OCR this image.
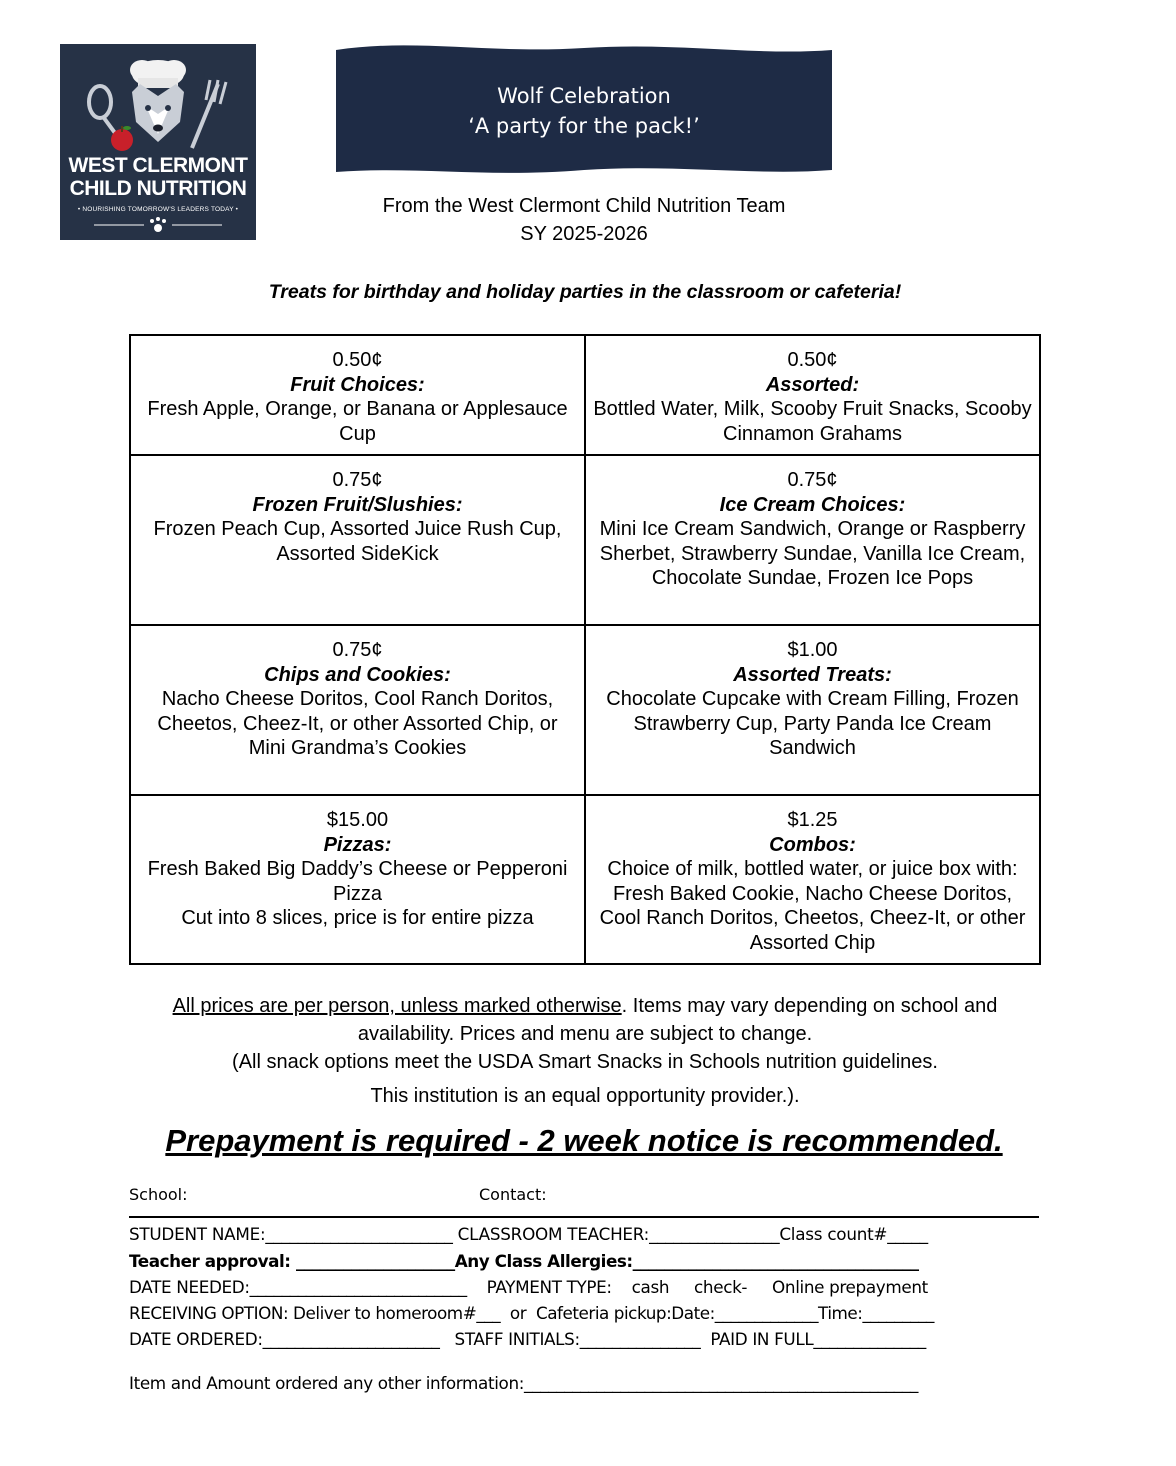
WEST CLERMONT
CHILD NUTRITION
• NOURISHING TOMORROW'S LEADERS TODAY •
Wolf Celebration
‘A party for the pack!’
From the West Clermont Child Nutrition Team
SY 2025-2026
Treats for birthday and holiday parties in the classroom or cafeteria!
0.50¢
Fruit Choices:
Fresh Apple, Orange, or Banana or Applesauce Cup	0.50¢
Assorted:
Bottled Water, Milk, Scooby Fruit Snacks, Scooby Cinnamon Grahams

0.75¢
Frozen Fruit/Slushies:
Frozen Peach Cup, Assorted Juice Rush Cup, Assorted SideKick	0.75¢
Ice Cream Choices:
Mini Ice Cream Sandwich, Orange or Raspberry Sherbet, Strawberry Sundae, Vanilla Ice Cream, Chocolate Sundae, Frozen Ice Pops

0.75¢
Chips and Cookies:
Nacho Cheese Doritos, Cool Ranch Doritos, Cheetos, Cheez-It, or other Assorted Chip, or Mini Grandma’s Cookies	$1.00
Assorted Treats:
Chocolate Cupcake with Cream Filling, Frozen Strawberry Cup, Party Panda Ice Cream Sandwich

$15.00
Pizzas:
Fresh Baked Big Daddy’s Cheese or Pepperoni Pizza
Cut into 8 slices, price is for entire pizza	$1.25
Combos:
Choice of milk, bottled water, or juice box with: Fresh Baked Cookie, Nacho Cheese Doritos, Cool Ranch Doritos, Cheetos, Cheez-It, or other Assorted Chip
All prices are per person, unless marked otherwise. Items may vary depending on school and
availability. Prices and menu are subject to change.
(All snack options meet the USDA Smart Snacks in Schools nutrition guidelines.
This institution is an equal opportunity provider.).
Prepayment is required - 2 week notice is recommended.
School:	Contact:
STUDENT NAME:_______________________ CLASSROOM TEACHER:________________Class count#_____
Teacher approval: ____________________Any Class Allergies:____________________________________
DATE NEEDED:___________________________    PAYMENT TYPE:    cash     check-     Online prepayment
RECEIVING OPTION: Deliver to homeroom#___  or  Cafeteria pickup:Date:_____________Time:_________
DATE ORDERED:______________________   STAFF INITIALS:_______________  PAID IN FULL______________
Item and Amount ordered any other information:_________________________________________________
